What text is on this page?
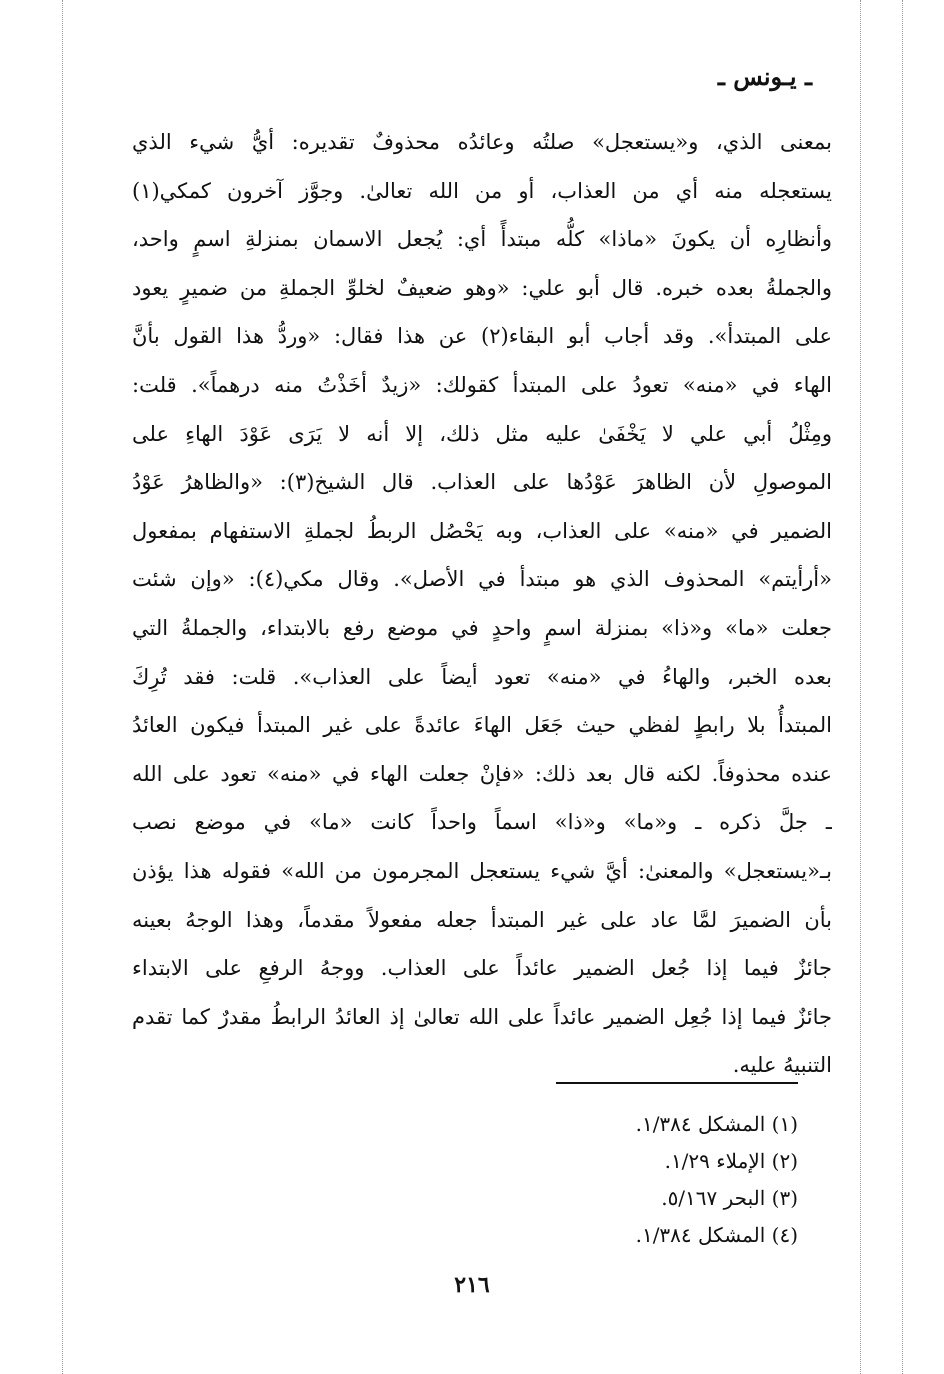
ـ يـونس ـ
بمعنى الذي، و«يستعجل» صلتُه وعائدُه محذوفٌ تقديره: أيُّ شيء الذي
يستعجله منه أي من العذاب، أو من الله تعالىٰ. وجوَّز آخرون كمكي(١)
وأنظارِه أن يكونَ «ماذا» كلُّه مبتدأً أي: يُجعل الاسمان بمنزلةِ اسمٍ واحد،
والجملةُ بعده خبره. قال أبو علي: «وهو ضعيفٌ لخلوِّ الجملةِ من ضميرٍ يعود
على المبتدأ». وقد أجاب أبو البقاء(٢) عن هذا فقال: «وردُّ هذا القول بأنَّ
الهاء في «منه» تعودُ على المبتدأ كقولك: «زيدٌ أخَذْتُ منه درهماً». قلت:
ومِثْلُ أبي علي لا يَخْفَىٰ عليه مثل ذلك، إلا أنه لا يَرَى عَوْدَ الهاءِ على
الموصولِ لأن الظاهرَ عَوْدُها على العذاب. قال الشيخ(٣): «والظاهرُ عَوْدُ
الضمير في «منه» على العذاب، وبه يَحْصُل الربطُ لجملةِ الاستفهام بمفعول
«أرأيتم» المحذوف الذي هو مبتدأ في الأصل». وقال مكي(٤): «وإن شئت
جعلت «ما» و«ذا» بمنزلة اسمٍ واحدٍ في موضع رفع بالابتداء، والجملةُ التي
بعده الخبر، والهاءُ في «منه» تعود أيضاً على العذاب». قلت: فقد تُرِكَ
المبتدأُ بلا رابطٍ لفظي حيث جَعَل الهاءَ عائدةً على غير المبتدأ فيكون العائدُ
عنده محذوفاً. لكنه قال بعد ذلك: «فإنْ جعلت الهاء في «منه» تعود على الله
ـ جلَّ ذكره ـ و«ما» و«ذا» اسماً واحداً كانت «ما» في موضع نصب
بـ«يستعجل» والمعنىٰ: أيَّ شيء يستعجل المجرمون من الله» فقوله هذا يؤذن
بأن الضميرَ لمَّا عاد على غير المبتدأ جعله مفعولاً مقدماً، وهذا الوجهُ بعينه
جائزٌ فيما إذا جُعل الضمير عائداً على العذاب. ووجهُ الرفعِ على الابتداء
جائزٌ فيما إذا جُعِل الضمير عائداً على الله تعالىٰ إذ العائدُ الرابطُ مقدرٌ كما تقدم
التنبيهُ عليه.
(١) المشكل ١/٣٨٤.
(٢) الإملاء ١/٢٩.
(٣) البحر ٥/١٦٧.
(٤) المشكل ١/٣٨٤.
٢١٦
